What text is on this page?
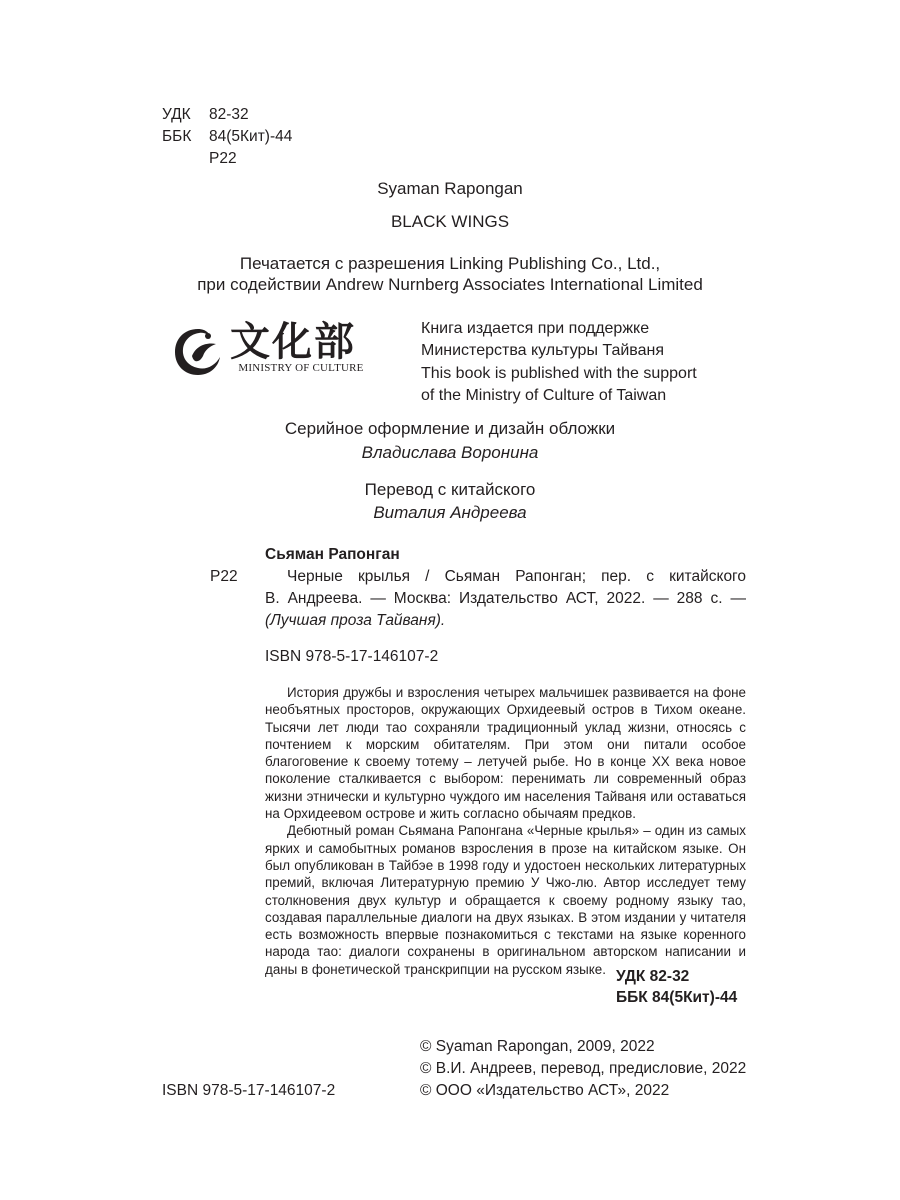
УДК 82-32
ББК 84(5Кит)-44
Р22
Syaman Rapongan
BLACK WINGS
Печатается с разрешения Linking Publishing Co., Ltd.,
при содействии Andrew Nurnberg Associates International Limited
文化部
MINISTRY OF CULTURE
Книга издается при поддержке
Министерства культуры Тайваня
This book is published with the support
of the Ministry of Culture of Taiwan
Серийное оформление и дизайн обложки
Владислава Воронина
Перевод с китайского
Виталия Андреева
Сьяман Рапонган
Р22	Черные крылья / Сьяман Рапонган; пер. с китайского
В. Андреева. — Москва: Издательство АСТ, 2022. — 288 с. —
(Лучшая проза Тайваня).
ISBN 978-5-17-146107-2

История дружбы и взросления четырех мальчишек развивается на фоне необъятных просторов, окружающих Орхидеевый остров в Тихом океане. Тысячи лет люди тао сохраняли традиционный уклад жизни, относясь с почтением к морским обитателям. При этом они питали особое благоговение к своему тотему – летучей рыбе. Но в конце XX века новое поколение сталкивается с выбором: перенимать ли современный образ жизни этнически и культурно чуждого им населения Тайваня или оставаться на Орхидеевом острове и жить согласно обычаям предков.

Дебютный роман Сьямана Рапонгана «Черные крылья» – один из самых ярких и самобытных романов взросления в прозе на китайском языке. Он был опубликован в Тайбэе в 1998 году и удостоен нескольких литературных премий, включая Литературную премию У Чжо-лю. Автор исследует тему столкновения двух культур и обращается к своему родному языку тао, создавая параллельные диалоги на двух языках. В этом издании у читателя есть возможность впервые познакомиться с текстами на языке коренного народа тао: диалоги сохранены в оригинальном авторском написании и даны в фонетической транскрипции на русском языке. УДК 82-32
ББК 84(5Кит)-44
© Syaman Rapongan, 2009, 2022
© В.И. Андреев, перевод, предисловие, 2022
© ООО «Издательство АСТ», 2022
ISBN 978-5-17-146107-2
